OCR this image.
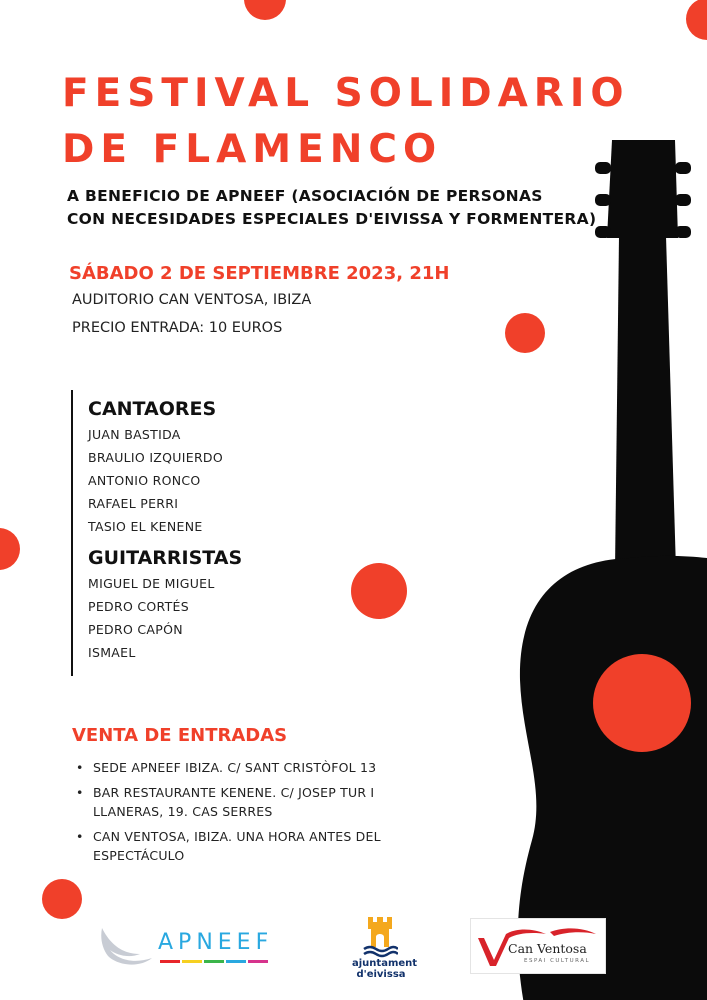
FESTIVAL SOLIDARIO
DE FLAMENCO
A BENEFICIO DE APNEEF (ASOCIACIÓN DE PERSONAS
CON NECESIDADES ESPECIALES D'EIVISSA Y FORMENTERA)
SÁBADO 2 DE SEPTIEMBRE 2023, 21H
AUDITORIO CAN VENTOSA, IBIZA
PRECIO ENTRADA: 10 EUROS
CANTAORES
JUAN BASTIDA
BRAULIO IZQUIERDO
ANTONIO RONCO
RAFAEL PERRI
TASIO EL KENENE
GUITARRISTAS
MIGUEL DE MIGUEL
PEDRO CORTÉS
PEDRO CAPÓN
ISMAEL
VENTA DE ENTRADAS
• SEDE APNEEF IBIZA. C/ SANT CRISTÒFOL 13
• BAR RESTAURANTE KENENE. C/ JOSEP TUR I LLANERAS, 19. CAS SERRES
• CAN VENTOSA, IBIZA. UNA HORA ANTES DEL ESPECTÁCULO
APNEEF
ajuntament
d'eivissa
Can Ventosa
ESPAI CULTURAL
